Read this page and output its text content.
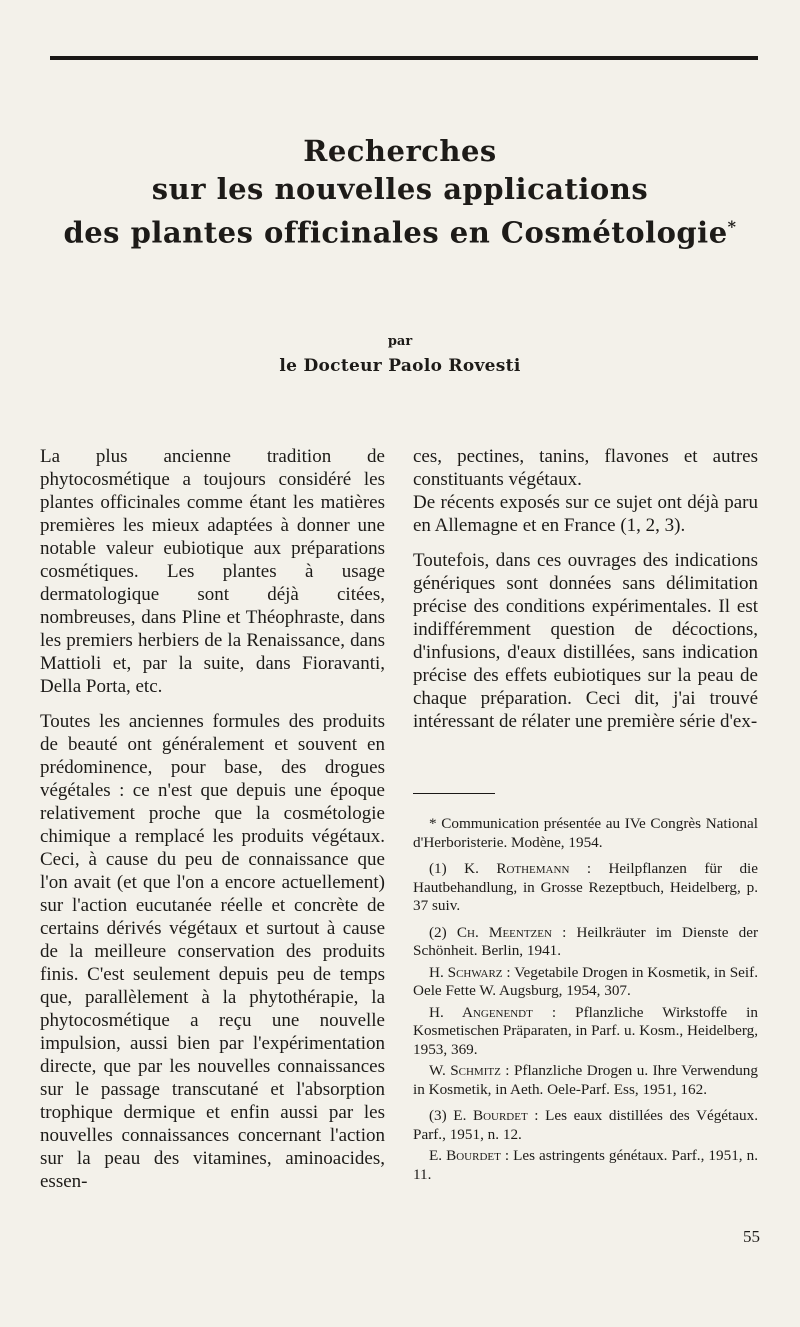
Recherches
sur les nouvelles applications
des plantes officinales en Cosmétologie*
par
le Docteur Paolo Rovesti

La plus ancienne tradition de phytocosmétique a toujours considéré les plantes officinales comme étant les matières premières les mieux adaptées à donner une notable valeur eubiotique aux préparations cosmétiques. Les plantes à usage dermatologique sont déjà citées, nombreuses, dans Pline et Théophraste, dans les premiers herbiers de la Renaissance, dans Mattioli et, par la suite, dans Fioravanti, Della Porta, etc.

Toutes les anciennes formules des produits de beauté ont généralement et souvent en prédominence, pour base, des drogues végétales : ce n'est que depuis une époque relativement proche que la cosmétologie chimique a remplacé les produits végétaux. Ceci, à cause du peu de connaissance que l'on avait (et que l'on a encore actuellement) sur l'action eucutanée réelle et concrète de certains dérivés végétaux et surtout à cause de la meilleure conservation des produits finis. C'est seulement depuis peu de temps que, parallèlement à la phytothérapie, la phytocosmétique a reçu une nouvelle impulsion, aussi bien par l'expérimentation directe, que par les nouvelles connaissances sur le passage transcutané et l'absorption trophique dermique et enfin aussi par les nouvelles connaissances concernant l'action sur la peau des vitamines, aminoacides, essen-

ces, pectines, tanins, flavones et autres constituants végétaux.

De récents exposés sur ce sujet ont déjà paru en Allemagne et en France (1, 2, 3).

Toutefois, dans ces ouvrages des indications génériques sont données sans délimitation précise des conditions expérimentales. Il est indifféremment question de décoctions, d'infusions, d'eaux distillées, sans indication précise des effets eubiotiques sur la peau de chaque préparation. Ceci dit, j'ai trouvé intéressant de rélater une première série d'ex-

* Communication présentée au IVe Congrès National d'Herboristerie. Modène, 1954.

(1) K. Rothemann : Heilpflanzen für die Hautbehandlung, in Grosse Rezeptbuch, Heidelberg, p. 37 suiv.

(2) Ch. Meentzen : Heilkräuter im Dienste der Schönheit. Berlin, 1941.

H. Schwarz : Vegetabile Drogen in Kosmetik, in Seif. Oele Fette W. Augsburg, 1954, 307.

H. Angenendt : Pflanzliche Wirkstoffe in Kosmetischen Präparaten, in Parf. u. Kosm., Heidelberg, 1953, 369.

W. Schmitz : Pflanzliche Drogen u. Ihre Verwendung in Kosmetik, in Aeth. Oele-Parf. Ess, 1951, 162.

(3) E. Bourdet : Les eaux distillées des Végétaux. Parf., 1951, n. 12.

E. Bourdet : Les astringents génétaux. Parf., 1951, n. 11.

55
